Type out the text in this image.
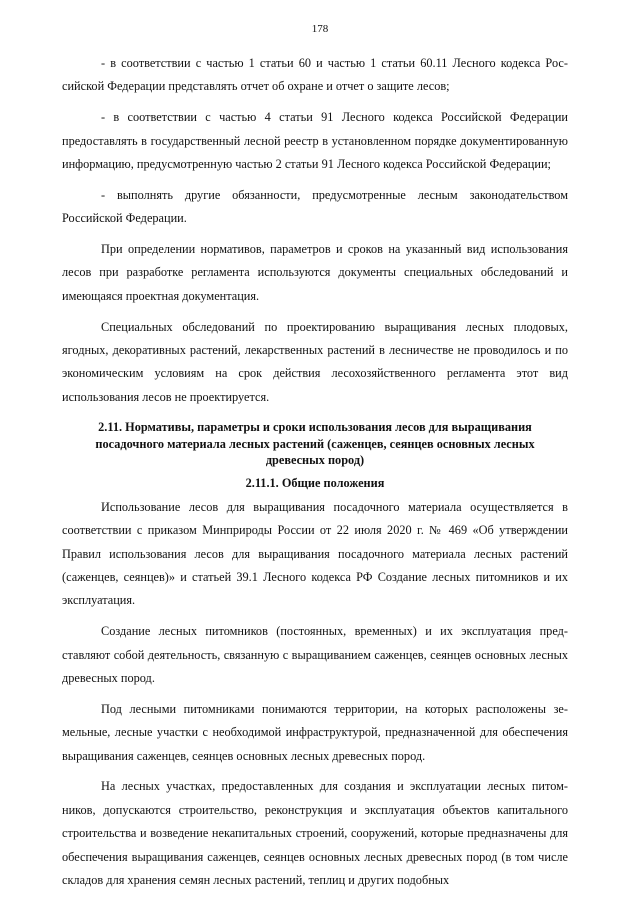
178

- в соответствии с частью 1 статьи 60 и частью 1 статьи 60.11 Лесного кодекса Российской Федерации представлять отчет об охране и отчет о защите лесов;

- в соответствии с частью 4 статьи 91 Лесного кодекса Российской Федерации предоставлять в государственный лесной реестр в установленном порядке документированную информацию, предусмотренную частью 2 статьи 91 Лесного кодекса Российской Федерации;

- выполнять другие обязанности, предусмотренные лесным законодательством Российской Федерации.

При определении нормативов, параметров и сроков на указанный вид использования лесов при разработке регламента используются документы специальных обследований и имеющаяся проектная документация.

Специальных обследований по проектированию выращивания лесных плодовых, ягодных, декоративных растений, лекарственных растений в лесничестве не проводилось и по экономическим условиям на срок действия лесохозяйственного регламента этот вид использования лесов не проектируется.

2.11. Нормативы, параметры и сроки использования лесов для выращивания посадочного материала лесных растений (саженцев, сеянцев основных лесных древесных пород)
2.11.1. Общие положения

Использование лесов для выращивания посадочного материала осуществляется в соответствии с приказом Минприроды России от 22 июля 2020 г. № 469 «Об утверждении Правил использования лесов для выращивания посадочного материала лесных растений (саженцев, сеянцев)» и статьей 39.1 Лесного кодекса РФ Создание лесных питомников и их эксплуатация.

Создание лесных питомников (постоянных, временных) и их эксплуатация представляют собой деятельность, связанную с выращиванием саженцев, сеянцев основных лесных древесных пород.

Под лесными питомниками понимаются территории, на которых расположены земельные, лесные участки с необходимой инфраструктурой, предназначенной для обеспечения выращивания саженцев, сеянцев основных лесных древесных пород.

На лесных участках, предоставленных для создания и эксплуатации лесных питомников, допускаются строительство, реконструкция и эксплуатация объектов капитального строительства и возведение некапитальных строений, сооружений, которые предназначены для обеспечения выращивания саженцев, сеянцев основных лесных древесных пород (в том числе складов для хранения семян лесных растений, теплиц и других подобных
